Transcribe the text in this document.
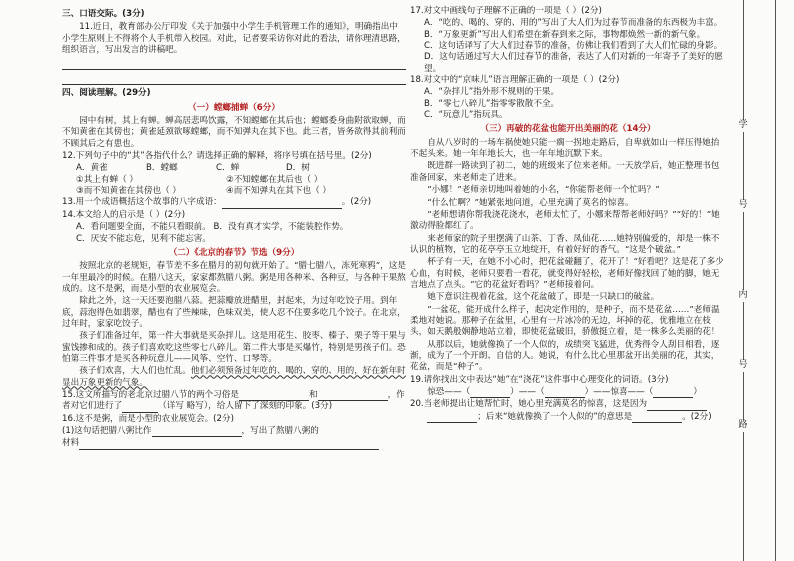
三、口语交际。(3分)

11.近日，教育部办公厅印发《关于加强中小学生手机管理工作的通知》，明确指出中小学生原则上不得将个人手机带入校园。对此，记者要采访你对此的看法，请你理清思路，组织语言，写出发言的讲稿吧。

四、阅读理解。(29分)
（一）螳螂捕蝉（6分）

园中有树，其上有蝉。蝉高居悲鸣饮露，不知螳螂在其后也；螳螂委身曲附欲取蝉，而不知黄雀在其傍也；黄雀延颈欲啄螳螂，而不知弹丸在其下也。此三者，皆务欲得其前利而不顾其后之有患也。

12.下列句子中的“其”各指代什么？请选择正确的解释，将序号填在括号里。(2分)

A．黄雀	B．螳螂	C．蝉	D．树
①其上有蝉（ ）	②不知螳螂在其后也（ ）
③而不知黄雀在其傍也（ ）	④而不知弹丸在其下也（ ）

13.用一个成语概括这个故事的八字成语：	。(2分)

14.本文给人的启示是（ ）(2分)

A．看问题要全面，不能只看眼前。 B．没有真才实学，不能装腔作势。
C．厌安不能忘危，见利不能忘害。
（二）《北京的春节》节选（9分）

按照北京的老规矩，春节差不多在腊月的初旬就开始了。“腊七腊八，冻死寒鸦”，这是一年里最冷的时候。在腊八这天，家家都熬腊八粥。粥是用各种米、各种豆，与各种干果熬成的。这不是粥，而是小型的农业展览会。

除此之外，这一天还要泡腊八蒜。把蒜瓣放进醋里，封起来，为过年吃饺子用。到年底，蒜泡得色如翡翠，醋也有了些辣味，色味双美，使人忍不住要多吃几个饺子。在北京，过年时，家家吃饺子。

孩子们准备过年，第一件大事就是买杂拌儿。这是用花生、胶枣、榛子、栗子等干果与蜜饯掺和成的。孩子们喜欢吃这些零七八碎儿。第二件大事是买爆竹，特别是男孩子们。恐怕第三件事才是买各种玩意儿——风筝、空竹、口琴等。

孩子们欢喜，大人们也忙乱。他们必须预备过年吃的、喝的、穿的、用的，好在新年时显出万象更新的气象。

15.这文所描写的老北京过腊八节的两个习俗是	和	，作者对它们进行了	（详写 略写），给人留下了深刻的印象。(3分)

16.这不是粥，而是小型的农业展览会。(2分)

(1)这句话把腊八粥比作	，写出了熬腊八粥的

材料

17.对文中画线句子理解不正确的一项是（ ）(2分)

A．“吃的、喝的、穿的、用的”写出了大人们为过春节而准备的东西极为丰富。
B．“万象更新”写出人们希望在新春到来之际，事物都焕然一新的新气象。
C．这句话译写了大人们过春节的准备，仿佛让我们看到了大人们忙碌的身影。
D．这句话通过写大人们过春节的准备，表达了人们对新的一年寄予了美好的愿望。

18.对文中的“京味儿”语言理解正确的一项是（ ）(2分)

A．“杂拌儿”指外形不规则的干果。
B．“零七八碎儿”指零零散散不全。
C．“玩意儿”指玩具。
（三）再破的花盆也能开出美丽的花（14分）

自从八岁时的一场车祸使她只能一瘸一拐地走路后，自卑就如山一样压得她抬不起头来。她一年年地长大，也一年年地沉默下来。

既进群一路读到了初二，她的班级来了位来老师。一天放学后，她正整理书包准备回家，来老师走了进来。

“小娜！”老师亲切地叫着她的小名，“你能帮老师一个忙吗？”

“什么忙啊？”她紧张地问道，心里充满了莫名的惊喜。

“老师想请你帮我浇花浇水，老师太忙了，小娜来帮帮老师好吗？”“好的！”她激动得脸都红了。

来老师家的院子里摆满了山茶、丁香、凤仙花……她特别偏爱的，却是一株不认识的植物，它的花亭亭玉立地绽开，有着好好的香气。“这是个破盆。”

杯子有一天，在她不小心时，把花盆碰翻了，花开了！“好看吧？这是花了多少心血，有时候，老师只要看一看花，就变得好轻松，老师好像找回了她的脚，她无言地点了点头。“它的花盆好看吗？”老师接着问。

她下意识注视着花盆，这个花盆破了，即是一只缺口的破盆。

“一盆花，能开成什么样子，起决定作用的，是种子，而不是花盆……”老师温柔地对她说。那种子在盆里，心里有一片冰冷的无边，坏掉的花，优雅地立在枝头，如天鹅般娴静地站立着，即使花盆破旧，骄傲挺立着，是一株多么美丽的花！

从那以后，她就像换了一个人似的，成绩突飞猛进，优秀得令人刮目相看，逐渐，成为了一个开朗、自信的人。她说，有什么比心里那盆开出美丽的花，其实，花盆，而是“种子”。

19.请你找出文中表达“她”在“浇花”这件事中心理变化的词语。(3分)

惊恐——（	）——（	）——惊喜——（	）

20.当老师提出让她帮忙时，她心里充满莫名的惊喜，这是因为

；后来“她就像换了一个人似的”的意思是	。(2分)

学
号
内
号
路
